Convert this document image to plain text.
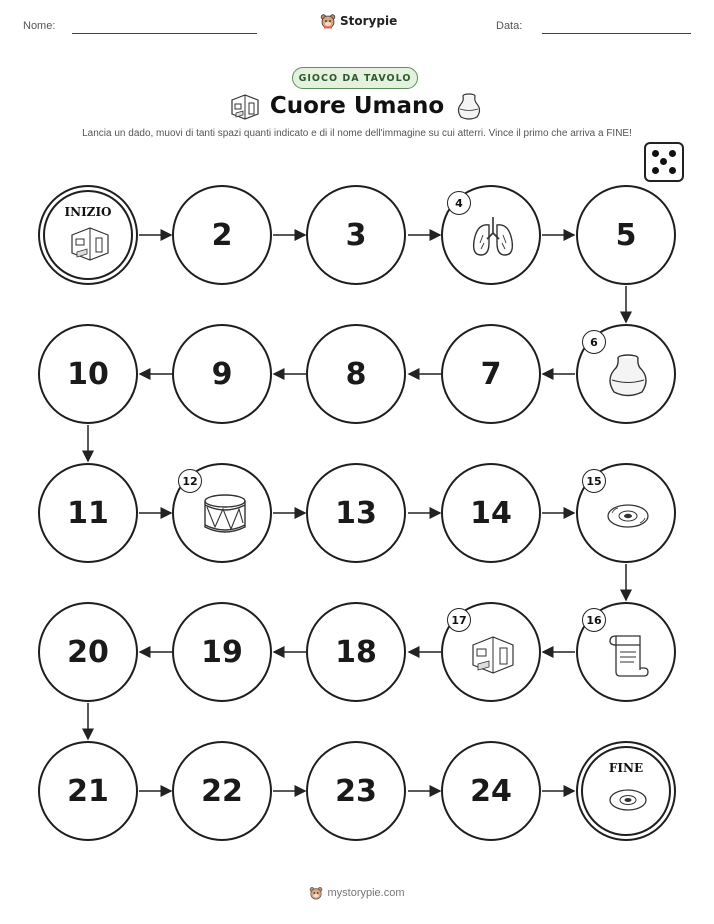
Nome:	Storypie	Data:
GIOCO DA TAVOLO
Cuore Umano
Lancia un dado, muovi di tanti spazi quanti indicato e di il nome dell'immagine su cui atterri. Vince il primo che arriva a FINE!
INIZIO
2	3
4
5
10	9	8	7
6
11
12
13	14
15
20	19	18
17	16
21	22	23	24
FINE
mystorypie.com
